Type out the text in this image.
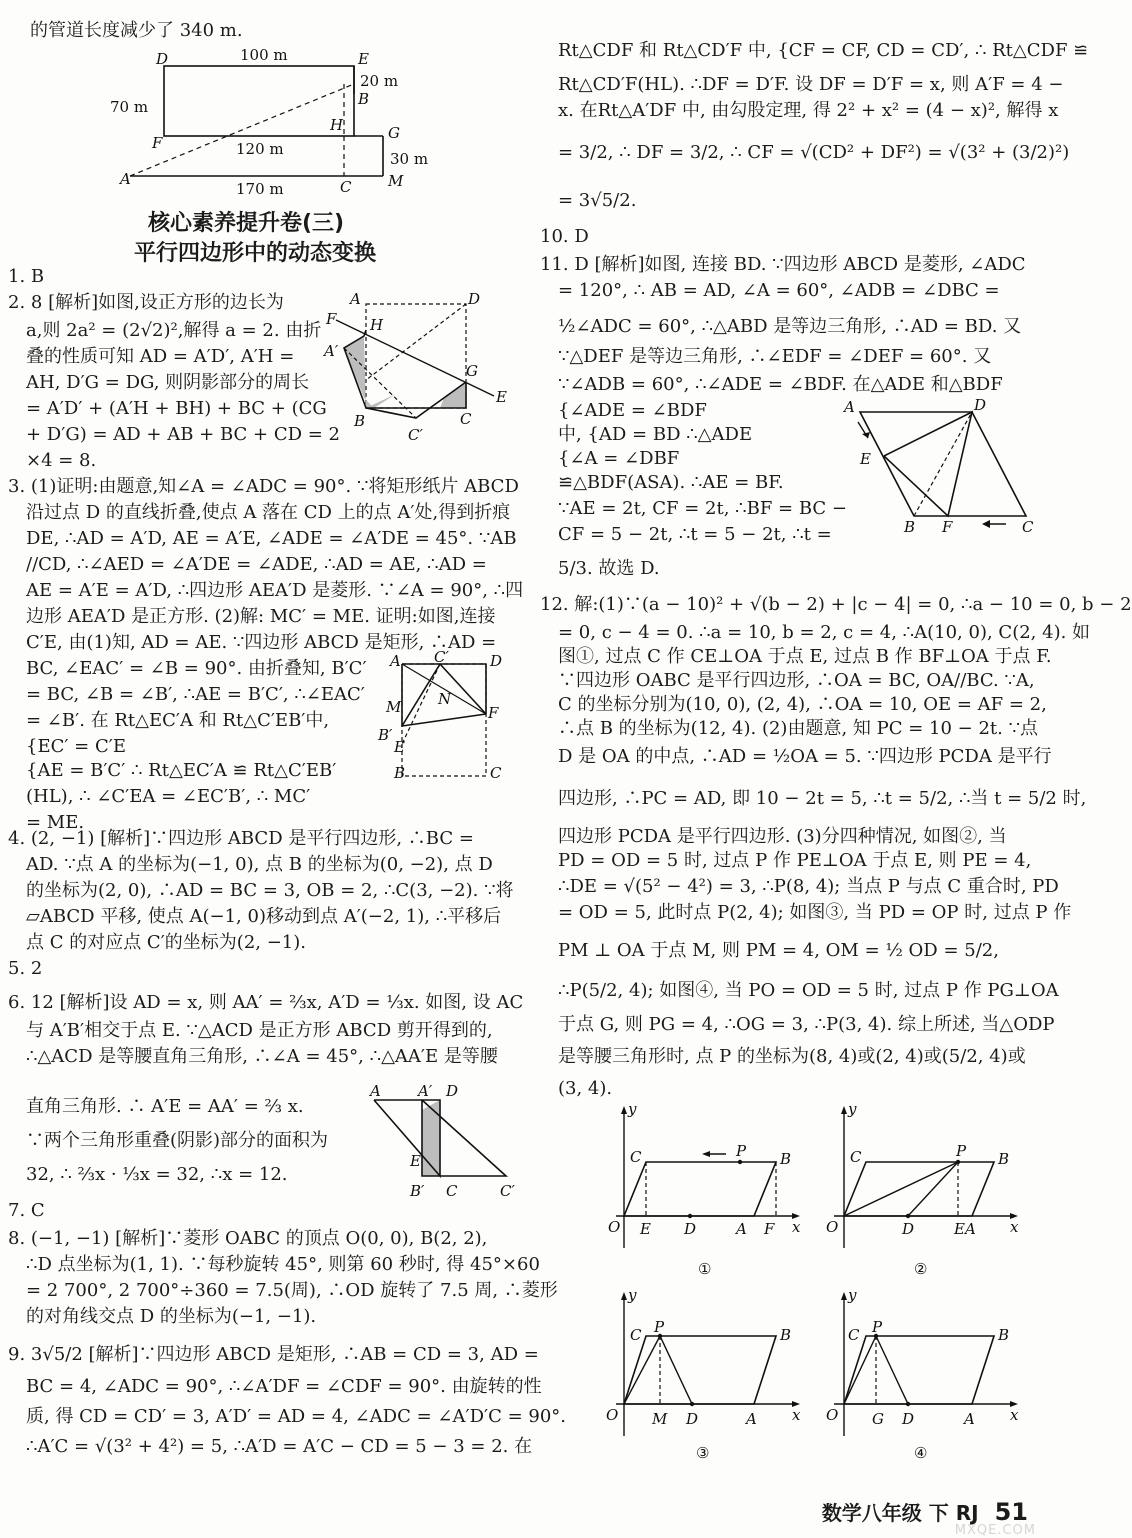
的管道长度减少了 340 m.
D	E
B
H	G
F
A	C M
100 m
20 m
70 m
120 m
30 m
170 m
核心素养提升卷(三)
平行四边形中的动态变换
1. B
2. 8 [解析]如图,设正方形的边长为
a,则 2a² = (2√2)²,解得 a = 2. 由折
叠的性质可知 AD = A′D′, A′H =
AH, D′G = DG, 则阴影部分的周长
= A′D′ + (A′H + BH) + BC + (CG
+ D′G) = AD + AB + BC + CD = 2
×4 = 8.
A	D
F H
A′
G
E
B	C
C′
3. (1)证明:由题意,知∠A = ∠ADC = 90°. ∵将矩形纸片 ABCD
沿过点 D 的直线折叠,使点 A 落在 CD 上的点 A′处,得到折痕
DE, ∴AD = A′D, AE = A′E, ∠ADE = ∠A′DE = 45°. ∵AB
//CD, ∴∠AED = ∠A′DE = ∠ADE, ∴AD = AE, ∴AD =
AE = A′E = A′D, ∴四边形 AEA′D 是菱形. ∵∠A = 90°, ∴四
边形 AEA′D 是正方形. (2)解: MC′ = ME. 证明:如图,连接
C′E, 由(1)知, AD = AE. ∵四边形 ABCD 是矩形, ∴AD =
BC, ∠EAC′ = ∠B = 90°. 由折叠知, B′C′
= BC, ∠B = ∠B′, ∴AE = B′C′, ∴∠EAC′
= ∠B′. 在 Rt△EC′A 和 Rt△C′EB′中,
{EC′ = C′E
{AE = B′C′ ∴ Rt△EC′A ≌ Rt△C′EB′
(HL), ∴ ∠C′EA = ∠EC′B′, ∴ MC′
= ME.
A C′	D
N
M	F
B′
E
B	C
4. (2, −1) [解析]∵四边形 ABCD 是平行四边形, ∴BC =
AD. ∵点 A 的坐标为(−1, 0), 点 B 的坐标为(0, −2), 点 D
的坐标为(2, 0), ∴AD = BC = 3, OB = 2, ∴C(3, −2). ∵将
▱ABCD 平移, 使点 A(−1, 0)移动到点 A′(−2, 1), ∴平移后
点 C 的对应点 C′的坐标为(2, −1).
5. 2
6. 12 [解析]设 AD = x, 则 AA′ = ⅔x, A′D = ⅓x. 如图, 设 AC
与 A′B′相交于点 E. ∵△ACD 是正方形 ABCD 剪开得到的,
∴△ACD 是等腰直角三角形, ∴∠A = 45°, ∴△AA′E 是等腰
直角三角形. ∴ A′E = AA′ = ⅔ x.
∵两个三角形重叠(阴影)部分的面积为
32, ∴ ⅔x · ⅓x = 32, ∴x = 12.
A A′ D
E
B′ C	C′
7. C
8. (−1, −1) [解析]∵菱形 OABC 的顶点 O(0, 0), B(2, 2),
∴D 点坐标为(1, 1). ∵每秒旋转 45°, 则第 60 秒时, 得 45°×60
= 2 700°, 2 700°÷360 = 7.5(周), ∴OD 旋转了 7.5 周, ∴菱形
的对角线交点 D 的坐标为(−1, −1).
9. 3√5/2 [解析]∵四边形 ABCD 是矩形, ∴AB = CD = 3, AD =
BC = 4, ∠ADC = 90°, ∴∠A′DF = ∠CDF = 90°. 由旋转的性
质, 得 CD = CD′ = 3, A′D′ = AD = 4, ∠ADC = ∠A′D′C = 90°.
∴A′C = √(3² + 4²) = 5, ∴A′D = A′C − CD = 5 − 3 = 2. 在
Rt△CDF 和 Rt△CD′F 中, {CF = CF, CD = CD′, ∴ Rt△CDF ≌
Rt△CD′F(HL). ∴DF = D′F. 设 DF = D′F = x, 则 A′F = 4 −
x. 在Rt△A′DF 中, 由勾股定理, 得 2² + x² = (4 − x)², 解得 x
= 3/2, ∴ DF = 3/2, ∴ CF = √(CD² + DF²) = √(3² + (3/2)²)
= 3√5/2.
10. D
11. D [解析]如图, 连接 BD. ∵四边形 ABCD 是菱形, ∠ADC
= 120°, ∴ AB = AD, ∠A = 60°, ∠ADB = ∠DBC =
½∠ADC = 60°, ∴△ABD 是等边三角形, ∴AD = BD. 又
∵△DEF 是等边三角形, ∴∠EDF = ∠DEF = 60°. 又
∵∠ADB = 60°, ∴∠ADE = ∠BDF. 在△ADE 和△BDF
{∠ADE = ∠BDF
中, {AD = BD ∴△ADE
{∠A = ∠DBF
≌△BDF(ASA). ∴AE = BF.
∵AE = 2t, CF = 2t, ∴BF = BC −
CF = 5 − 2t, ∴t = 5 − 2t, ∴t =
5/3. 故选 D.
A	D
E
B F	C
12. 解:(1)∵(a − 10)² + √(b − 2) + |c − 4| = 0, ∴a − 10 = 0, b − 2
= 0, c − 4 = 0. ∴a = 10, b = 2, c = 4, ∴A(10, 0), C(2, 4). 如
图①, 过点 C 作 CE⊥OA 于点 E, 过点 B 作 BF⊥OA 于点 F.
∵四边形 OABC 是平行四边形, ∴OA = BC, OA//BC. ∵A,
C 的坐标分别为(10, 0), (2, 4), ∴OA = 10, OE = AF = 2,
∴点 B 的坐标为(12, 4). (2)由题意, 知 PC = 10 − 2t. ∵点
D 是 OA 的中点, ∴AD = ½OA = 5. ∵四边形 PCDA 是平行
四边形, ∴PC = AD, 即 10 − 2t = 5, ∴t = 5/2, ∴当 t = 5/2 时,
四边形 PCDA 是平行四边形. (3)分四种情况, 如图②, 当
PD = OD = 5 时, 过点 P 作 PE⊥OA 于点 E, 则 PE = 4,
∴DE = √(5² − 4²) = 3, ∴P(8, 4); 当点 P 与点 C 重合时, PD
= OD = 5, 此时点 P(2, 4); 如图③, 当 PD = OP 时, 过点 P 作
PM ⊥ OA 于点 M, 则 PM = 4, OM = ½ OD = 5/2,
∴P(5/2, 4); 如图④, 当 PO = OD = 5 时, 过点 P 作 PG⊥OA
于点 G, 则 PG = 4, ∴OG = 3, ∴P(3, 4). 综上所述, 当△ODP
是等腰三角形时, 点 P 的坐标为(8, 4)或(2, 4)或(5/2, 4)或
(3, 4).
y
x
O
C	P B
E D	A F
①
y
x
O
C	P B
D	EA
②
y
x
O
C P	B
M D	A
③
y
x
O
C P	B
G D	A
④
数学八年级 下 RJ 51
MXQE.COM
